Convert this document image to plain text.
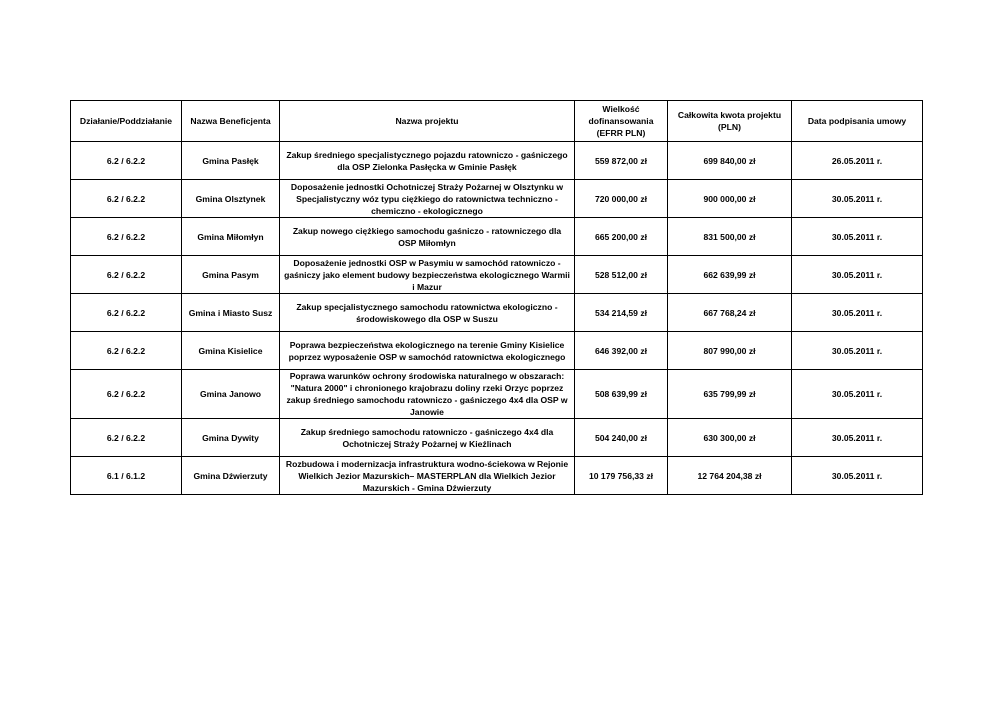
Działanie/Poddziałanie	Nazwa Beneficjenta	Nazwa projektu	Wielkość dofinansowania (EFRR PLN)	Całkowita kwota projektu (PLN)	Data podpisania umowy
6.2 / 6.2.2	Gmina Pasłęk	Zakup średniego specjalistycznego pojazdu ratowniczo - gaśniczego dla OSP Zielonka Pasłęcka w Gminie Pasłęk	559 872,00 zł	699 840,00 zł	26.05.2011 r.
6.2 / 6.2.2	Gmina Olsztynek	Doposażenie jednostki Ochotniczej Straży Pożarnej w Olsztynku w Specjalistyczny wóz typu ciężkiego do ratownictwa techniczno - chemiczno - ekologicznego	720 000,00 zł	900 000,00 zł	30.05.2011 r.
6.2 / 6.2.2	Gmina Miłomłyn	Zakup nowego ciężkiego samochodu gaśniczo - ratowniczego dla OSP Miłomłyn	665 200,00 zł	831 500,00 zł	30.05.2011 r.
6.2 / 6.2.2	Gmina Pasym	Doposażenie jednostki OSP w Pasymiu w samochód ratowniczo - gaśniczy jako element budowy bezpieczeństwa ekologicznego Warmii i Mazur	528 512,00 zł	662 639,99 zł	30.05.2011 r.
6.2 / 6.2.2	Gmina i Miasto Susz	Zakup specjalistycznego samochodu ratownictwa ekologiczno - środowiskowego dla OSP w Suszu	534 214,59 zł	667 768,24 zł	30.05.2011 r.
6.2 / 6.2.2	Gmina Kisielice	Poprawa bezpieczeństwa ekologicznego na terenie Gminy Kisielice poprzez wyposażenie OSP w samochód ratownictwa ekologicznego	646 392,00 zł	807 990,00 zł	30.05.2011 r.
6.2 / 6.2.2	Gmina Janowo	Poprawa warunków ochrony środowiska naturalnego w obszarach: "Natura 2000" i chronionego krajobrazu doliny rzeki Orzyc poprzez zakup średniego samochodu ratowniczo - gaśniczego 4x4 dla OSP w Janowie	508 639,99 zł	635 799,99 zł	30.05.2011 r.
6.2 / 6.2.2	Gmina Dywity	Zakup średniego samochodu ratowniczo - gaśniczego 4x4 dla Ochotniczej Straży Pożarnej w Kieźlinach	504 240,00 zł	630 300,00 zł	30.05.2011 r.
6.1 / 6.1.2	Gmina Dźwierzuty	Rozbudowa i modernizacja infrastruktura wodno-ściekowa w Rejonie Wielkich Jezior Mazurskich– MASTERPLAN dla Wielkich Jezior Mazurskich - Gmina Dźwierzuty	10 179 756,33 zł	12 764 204,38 zł	30.05.2011 r.
